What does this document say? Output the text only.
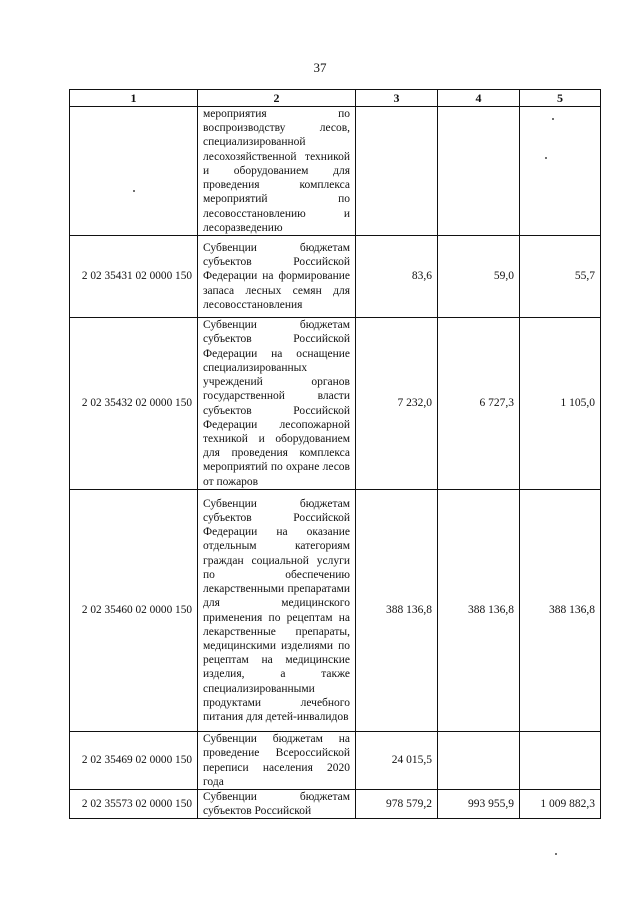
37
1	2	3	4	5

	мероприятия по воспроизводству лесов, специализированной лесохозяйственной техникой и оборудованием для проведения комплекса мероприятий по лесовосстановлению и лесоразведению			

2 02 35431 02 0000 150	Субвенции бюджетам субъектов Российской Федерации на формирование запаса лесных семян для лесовосстановления	83,6	59,0	55,7
2 02 35432 02 0000 150	Субвенции бюджетам субъектов Российской Федерации на оснащение специализированных учреждений органов государственной власти субъектов Российской Федерации лесопожарной техникой и оборудованием для проведения комплекса мероприятий по охране лесов от пожаров	7 232,0	6 727,3	1 105,0
2 02 35460 02 0000 150	Субвенции бюджетам субъектов Российской Федерации на оказание отдельным категориям граждан социальной услуги по обеспечению лекарственными препаратами для медицинского применения по рецептам на лекарственные препараты, медицинскими изделиями по рецептам на медицинские изделия, а также специализированными продуктами лечебного питания для детей-инвалидов	388 136,8	388 136,8	388 136,8
2 02 35469 02 0000 150	Субвенции бюджетам на проведение Всероссийской переписи населения 2020 года	24 015,5		
2 02 35573 02 0000 150	Субвенции бюджетам субъектов Российской	978 579,2	993 955,9	1 009 882,3
